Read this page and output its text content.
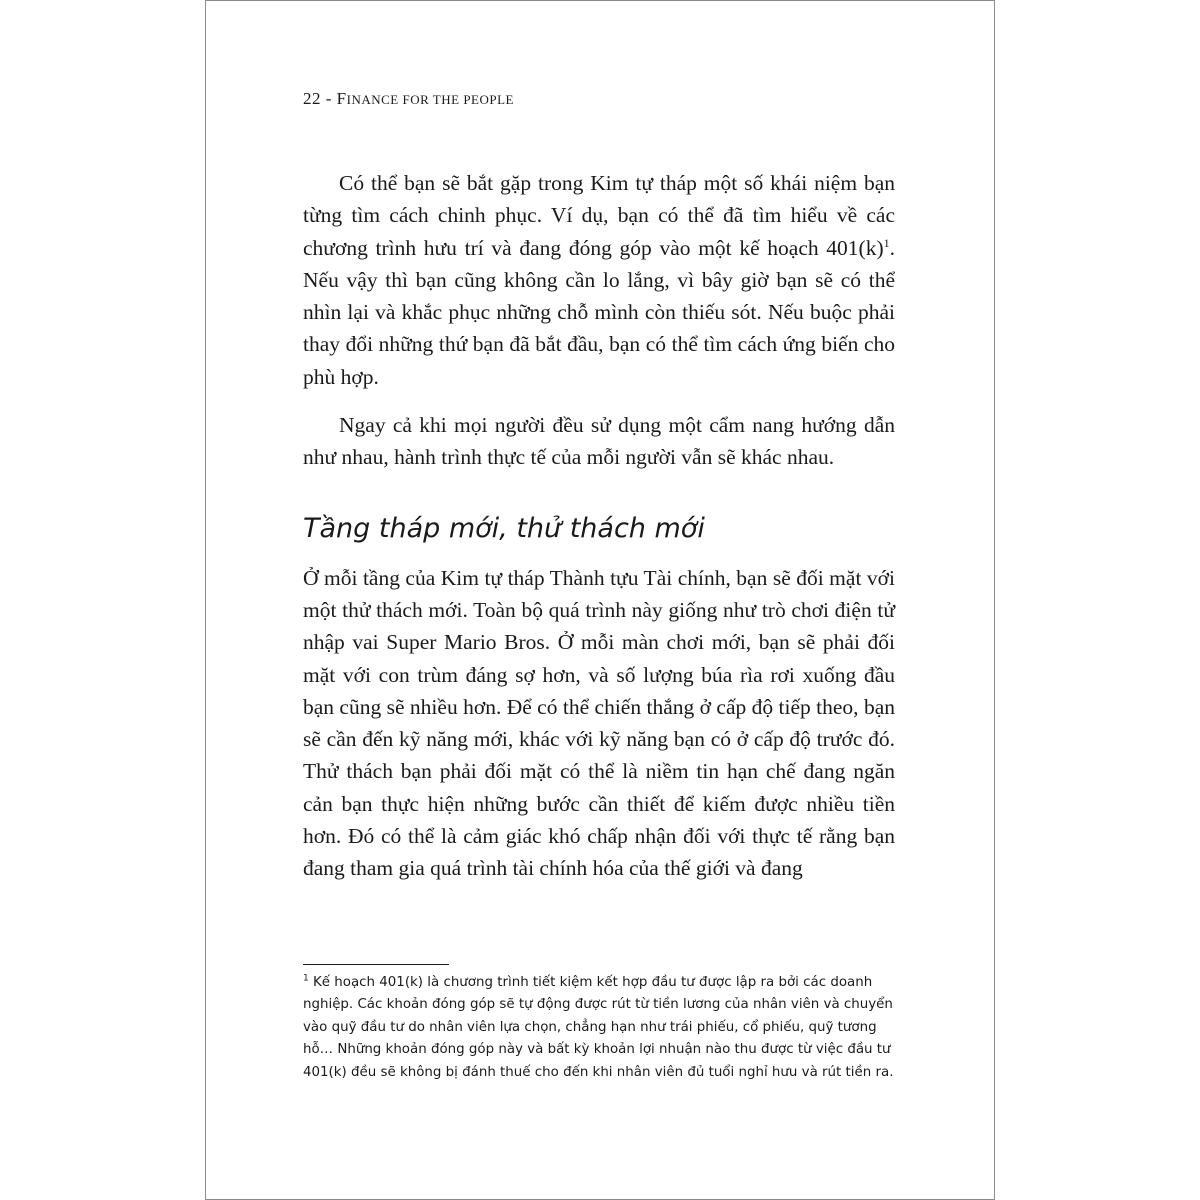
22 - FINANCE FOR THE PEOPLE

Có thể bạn sẽ bắt gặp trong Kim tự tháp một số khái niệm bạn từng tìm cách chinh phục. Ví dụ, bạn có thể đã tìm hiểu về các chương trình hưu trí và đang đóng góp vào một kế hoạch 401(k)$^1$. Nếu vậy thì bạn cũng không cần lo lắng, vì bây giờ bạn sẽ có thể nhìn lại và khắc phục những chỗ mình còn thiếu sót. Nếu buộc phải thay đổi những thứ bạn đã bắt đầu, bạn có thể tìm cách ứng biến cho phù hợp.

Ngay cả khi mọi người đều sử dụng một cẩm nang hướng dẫn như nhau, hành trình thực tế của mỗi người vẫn sẽ khác nhau.

Tầng tháp mới, thử thách mới

Ở mỗi tầng của Kim tự tháp Thành tựu Tài chính, bạn sẽ đối mặt với một thử thách mới. Toàn bộ quá trình này giống như trò chơi điện tử nhập vai Super Mario Bros. Ở mỗi màn chơi mới, bạn sẽ phải đối mặt với con trùm đáng sợ hơn, và số lượng búa rìa rơi xuống đầu bạn cũng sẽ nhiều hơn. Để có thể chiến thắng ở cấp độ tiếp theo, bạn sẽ cần đến kỹ năng mới, khác với kỹ năng bạn có ở cấp độ trước đó. Thử thách bạn phải đối mặt có thể là niềm tin hạn chế đang ngăn cản bạn thực hiện những bước cần thiết để kiếm được nhiều tiền hơn. Đó có thể là cảm giác khó chấp nhận đối với thực tế rằng bạn đang tham gia quá trình tài chính hóa của thế giới và đang

$^1$ Kế hoạch 401(k) là chương trình tiết kiệm kết hợp đầu tư được lập ra bởi các doanh nghiệp. Các khoản đóng góp sẽ tự động được rút từ tiền lương của nhân viên và chuyển vào quỹ đầu tư do nhân viên lựa chọn, chẳng hạn như trái phiếu, cổ phiếu, quỹ tương hỗ… Những khoản đóng góp này và bất kỳ khoản lợi nhuận nào thu được từ việc đầu tư 401(k) đều sẽ không bị đánh thuế cho đến khi nhân viên đủ tuổi nghỉ hưu và rút tiền ra.
